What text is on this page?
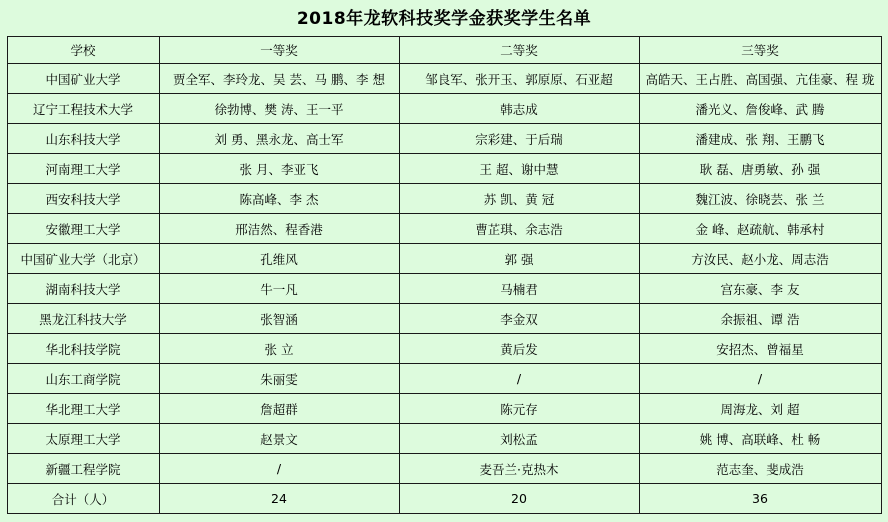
2018年龙软科技奖学金获奖学生名单
学校	一等奖	二等奖	三等奖
中国矿业大学	贾全军、李玲龙、吴 芸、马 鹏、李 想	邹良军、张开玉、郭原原、石亚超	高皓天、王占胜、高国强、亢佳豪、程 珑
辽宁工程技术大学	徐勃博、樊 涛、王一平	韩志成	潘光义、詹俊峰、武 腾
山东科技大学	刘 勇、黑永龙、高士军	宗彩建、于后瑞	潘建成、张 翔、王鹏飞
河南理工大学	张 月、李亚飞	王 超、谢中慧	耿 磊、唐勇敏、孙 强
西安科技大学	陈高峰、李 杰	苏 凯、黄 冠	魏江波、徐晓芸、张 兰
安徽理工大学	邢洁然、程香港	曹芷琪、余志浩	金 峰、赵疏航、韩承村
中国矿业大学（北京）	孔维风	郭 强	方汝民、赵小龙、周志浩
湖南科技大学	牛一凡	马楠君	宫东豪、李 友
黑龙江科技大学	张智涵	李金双	余振祖、谭 浩
华北科技学院	张 立	黄后发	安招杰、曾福星
山东工商学院	朱丽雯	/	/
华北理工大学	詹超群	陈元存	周海龙、刘 超
太原理工大学	赵景文	刘松孟	姚 博、高联峰、杜 畅
新疆工程学院	/	麦吾兰·克热木	范志奎、斐成浩
合计（人）	24	20	36
